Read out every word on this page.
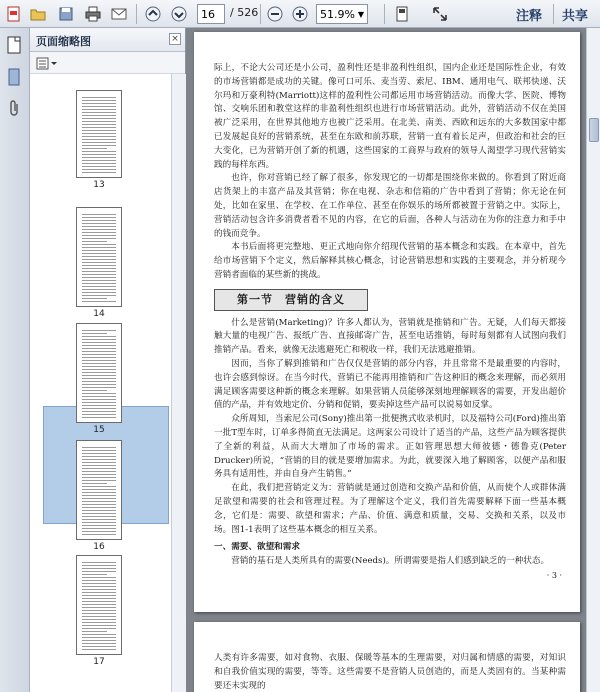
16	/ 526	51.9% ▼	注释 共享
页面缩略图	×

际上，不论大公司还是小公司，盈利性还是非盈利性组织，国内企业还是国际性企业，有效的市场营销都是成功的关键。像可口可乐、麦当劳、索尼、IBM、通用电气、联邦快递、沃尔玛和万豪利特(Marriott)这样的盈利性公司都运用市场营销活动。而像大学、医院、博物馆、交响乐团和教堂这样的非盈利性组织也进行市场营销活动。此外，营销活动不仅在美国被广泛采用，在世界其他地方也被广泛采用。在北美、南美、西欧和远东的大多数国家中都已发展起良好的营销系统，甚至在东欧和前苏联，营销一直有着长足声，但政治和社会的巨大变化，已为营销开创了新的机遇，这些国家的工商界与政府的领导人渴望学习现代营销实践的每样东西。

也许，你对营销已经了解了很多，你发现它的一切都是围绕你来做的。你看到了附近商店货架上的丰富产品及其营销；你在电视、杂志和信箱的广告中看到了营销；你无论在何处，比如在家里、在学校、在工作单位、甚至在你娱乐的场所都被置于营销之中。实际上，营销活动包含许多消费者看不见的内容，在它的后面，各种人与活动在为你的注意力和手中的钱而竞争。

本书后面将更完整地、更正式地向你介绍现代营销的基本概念和实践。在本章中，首先给市场营销下个定义，然后解释其核心概念，讨论营销思想和实践的主要观念，并分析现今营销者面临的某些新的挑战。

第一节　营销的含义

什么是营销(Marketing)？许多人都认为，营销就是推销和广告。无疑，人们每天都接触大量的电视广告、报纸广告、直接邮寄广告，甚至电话推销，每时每刻都有人试图向我们推销产品。看来，就像无法逃避死亡和税收一样，我们无法逃避推销。

因而，当你了解到推销和广告仅仅是营销的部分内容，并且常常不是最重要的内容时，也许会感到惊讶。在当今时代，营销已不能再用推销和广告这种旧的概念来理解，而必须用满足顾客需要这种新的概念来理解。如果营销人员能够深刻地理解顾客的需要，开发出超价值的产品，并有效地定价、分销和促销，要卖掉这些产品可以说易如反掌。

众所周知，当索尼公司(Sony)推出第一批便携式收录机时，以及福特公司(Ford)推出第一批T型车时，订单多得简直无法满足。这两家公司设计了适当的产品，这些产品为顾客提供了全新的利益，从而大大增加了市场的需求。正如管理思想大师彼德・德鲁克(Peter Drucker)所说，“营销的目的就是要增加需求。为此，就要深入地了解顾客，以便产品和服务具有适用性，并由自身产生销售。”

在此，我们把营销定义为：营销就是通过创造和交换产品和价值，从而使个人或群体满足欲望和需要的社会和管理过程。为了理解这个定义，我们首先需要解释下面一些基本概念，它们是：需要、欲望和需求；产品、价值、满意和质量，交易、交换和关系，以及市场。图1-1表明了这些基本概念的相互关系。

一、需要、欲望和需求

营销的基石是人类所具有的需要(Needs)。所谓需要是指人们感到缺乏的一种状态。

· 3 ·

人类有许多需要，如对食物、衣服、保暖等基本的生理需要，对归属和情感的需要，对知识和自我价值实现的需要，等等。这些需要不是营销人员创造的，而是人类固有的。当某种需要还未实现的

13
14
15
16
17
